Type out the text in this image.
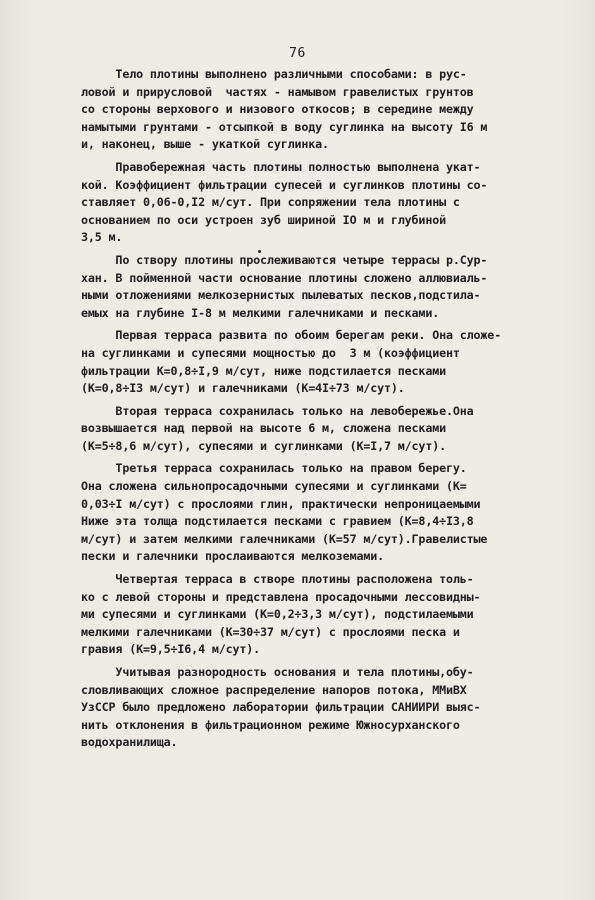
76

Тело плотины выполнено различными способами: в рус-
ловой и прирусловой  частях - намывом гравелистых грунтов
со стороны верхового и низового откосов; в середине между
намытыми грунтами - отсыпкой в воду суглинка на высоту I6 м
и, наконец, выше - укаткой суглинка.

Правобережная часть плотины полностью выполнена укат-
кой. Коэффициент фильтрации супесей и суглинков плотины со-
ставляет 0,06-0,I2 м/сут. При сопряжении тела плотины с
основанием по оси устроен зуб шириной IO м и глубиной
3,5 м.

По створу плотины прослеживаются четыре террасы р.Сур-
хан. В пойменной части основание плотины сложено аллювиаль-
ными отложениями мелкозернистых пылеватых песков,подстила-
емых на глубине I-8 м мелкими галечниками и песками.

Первая терраса развита по обоим берегам реки. Она сложе-
на суглинками и супесями мощностью до  3 м (коэффициент
фильтрации К=0,8÷I,9 м/сут, ниже подстилается песками
(К=0,8÷I3 м/сут) и галечниками (К=4I÷73 м/сут).

Вторая терраса сохранилась только на левобережье.Она
возвышается над первой на высоте 6 м, сложена песками
(К=5÷8,6 м/сут), супесями и суглинками (К=I,7 м/сут).

Третья терраса сохранилась только на правом берегу.
Она сложена сильнопросадочными супесями и суглинками (К=
0,03÷I м/сут) с прослоями глин, практически непроницаемыми
Ниже эта толща подстилается песками с гравием (К=8,4÷I3,8
м/сут) и затем мелкими галечниками (К=57 м/сут).Гравелистые
пески и галечники прослаиваются мелкоземами.

Четвертая терраса в створе плотины расположена толь-
ко с левой стороны и представлена просадочными лессовидны-
ми супесями и суглинками (К=0,2÷3,3 м/сут), подстилаемыми
мелкими галечниками (К=30÷37 м/сут) с прослоями песка и
гравия (К=9,5÷I6,4 м/сут).

Учитывая разнородность основания и тела плотины,обу-
словливающих сложное распределение напоров потока, ММиВХ
УзССР было предложено лаборатории фильтрации САНИИРИ выяс-
нить отклонения в фильтрационном режиме Южносурханского
водохранилища.
